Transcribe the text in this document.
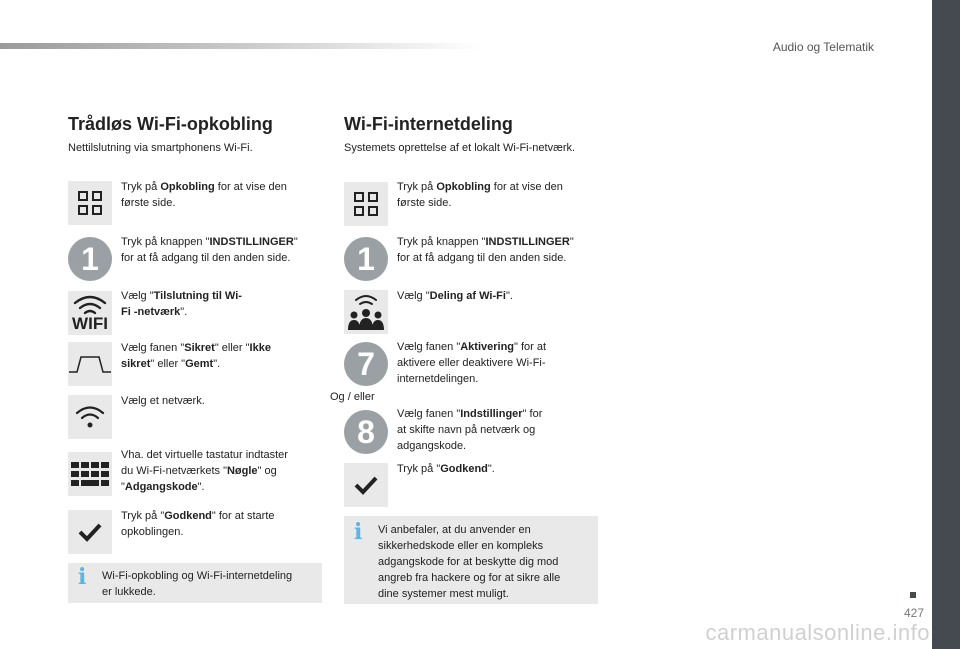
Audio og Telematik
Trådløs Wi-Fi-opkobling

Nettilslutning via smartphonens Wi-Fi.

Tryk på Opkobling for at vise den
første side.
1	Tryk på knappen "INDSTILLINGER"
for at få adgang til den anden side.
WIFI
Vælg "Tilslutning til Wi-
Fi -netværk".
Vælg fanen "Sikret" eller "Ikke
sikret" eller "Gemt".
Vælg et netværk.
Vha. det virtuelle tastatur indtaster
du Wi-Fi-netværkets "Nøgle" og
"Adgangskode".
Tryk på "Godkend" for at starte
opkoblingen.
i Wi-Fi-opkobling og Wi-Fi-internetdeling
er lukkede.
Wi-Fi-internetdeling

Systemets oprettelse af et lokalt Wi-Fi-netværk.

Tryk på Opkobling for at vise den
første side.
1	Tryk på knappen "INDSTILLINGER"
for at få adgang til den anden side.
Vælg "Deling af Wi-Fi".
7	Vælg fanen "Aktivering" for at
aktivere eller deaktivere Wi-Fi-
internetdelingen.
Og / eller
8	Vælg fanen "Indstillinger" for
at skifte navn på netværk og
adgangskode.
Tryk på "Godkend".
i Vi anbefaler, at du anvender en
sikkerhedskode eller en kompleks
adgangskode for at beskytte dig mod
angreb fra hackere og for at sikre alle
dine systemer mest muligt.
427
carmanualsonline.info
